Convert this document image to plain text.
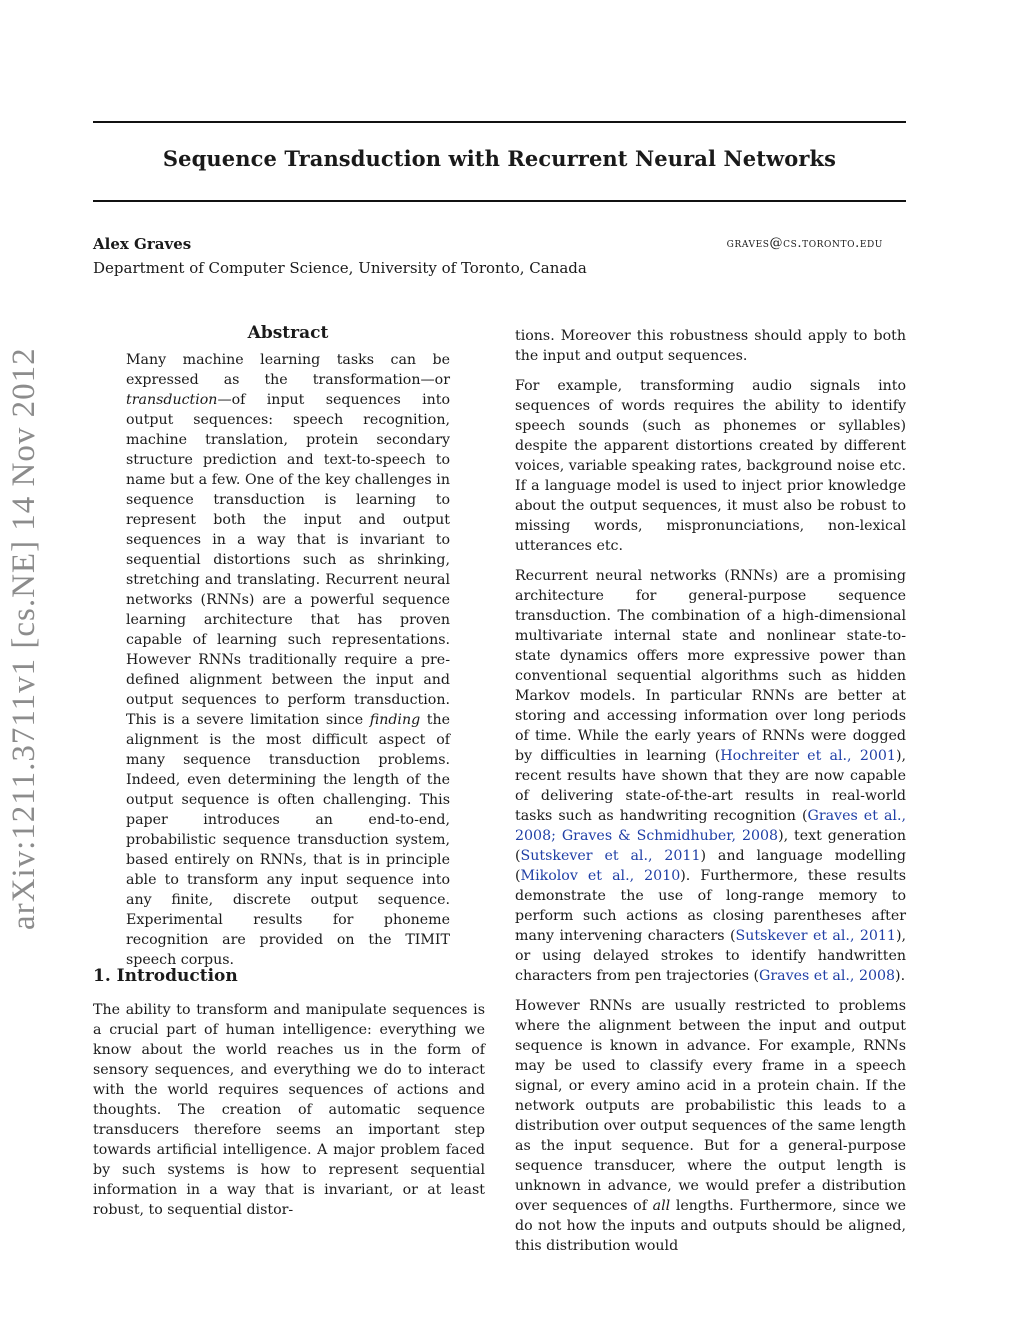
Sequence Transduction with Recurrent Neural Networks
Alex Graves	graves@cs.toronto.edu
Department of Computer Science, University of Toronto, Canada
arXiv:1211.3711v1 [cs.NE] 14 Nov 2012
Abstract

Many machine learning tasks can be expressed as the transformation—or transduction—of input sequences into output sequences: speech recognition, machine translation, protein secondary structure prediction and text-to-speech to name but a few. One of the key challenges in sequence transduction is learning to represent both the input and output sequences in a way that is invariant to sequential distortions such as shrinking, stretching and translating. Recurrent neural networks (RNNs) are a powerful sequence learning architecture that has proven capable of learning such representations. However RNNs traditionally require a pre-defined alignment between the input and output sequences to perform transduction. This is a severe limitation since finding the alignment is the most difficult aspect of many sequence transduction problems. Indeed, even determining the length of the output sequence is often challenging. This paper introduces an end-to-end, probabilistic sequence transduction system, based entirely on RNNs, that is in principle able to transform any input sequence into any finite, discrete output sequence. Experimental results for phoneme recognition are provided on the TIMIT speech corpus.

1. Introduction

The ability to transform and manipulate sequences is a crucial part of human intelligence: everything we know about the world reaches us in the form of sensory sequences, and everything we do to interact with the world requires sequences of actions and thoughts. The creation of automatic sequence transducers therefore seems an important step towards artificial intelligence. A major problem faced by such systems is how to represent sequential information in a way that is invariant, or at least robust, to sequential distor-

tions. Moreover this robustness should apply to both the input and output sequences.

For example, transforming audio signals into sequences of words requires the ability to identify speech sounds (such as phonemes or syllables) despite the apparent distortions created by different voices, variable speaking rates, background noise etc. If a language model is used to inject prior knowledge about the output sequences, it must also be robust to missing words, mispronunciations, non-lexical utterances etc.

Recurrent neural networks (RNNs) are a promising architecture for general-purpose sequence transduction. The combination of a high-dimensional multivariate internal state and nonlinear state-to-state dynamics offers more expressive power than conventional sequential algorithms such as hidden Markov models. In particular RNNs are better at storing and accessing information over long periods of time. While the early years of RNNs were dogged by difficulties in learning (Hochreiter et al., 2001), recent results have shown that they are now capable of delivering state-of-the-art results in real-world tasks such as handwriting recognition (Graves et al., 2008; Graves & Schmidhuber, 2008), text generation (Sutskever et al., 2011) and language modelling (Mikolov et al., 2010). Furthermore, these results demonstrate the use of long-range memory to perform such actions as closing parentheses after many intervening characters (Sutskever et al., 2011), or using delayed strokes to identify handwritten characters from pen trajectories (Graves et al., 2008).

However RNNs are usually restricted to problems where the alignment between the input and output sequence is known in advance. For example, RNNs may be used to classify every frame in a speech signal, or every amino acid in a protein chain. If the network outputs are probabilistic this leads to a distribution over output sequences of the same length as the input sequence. But for a general-purpose sequence transducer, where the output length is unknown in advance, we would prefer a distribution over sequences of all lengths. Furthermore, since we do not how the inputs and outputs should be aligned, this distribution would
